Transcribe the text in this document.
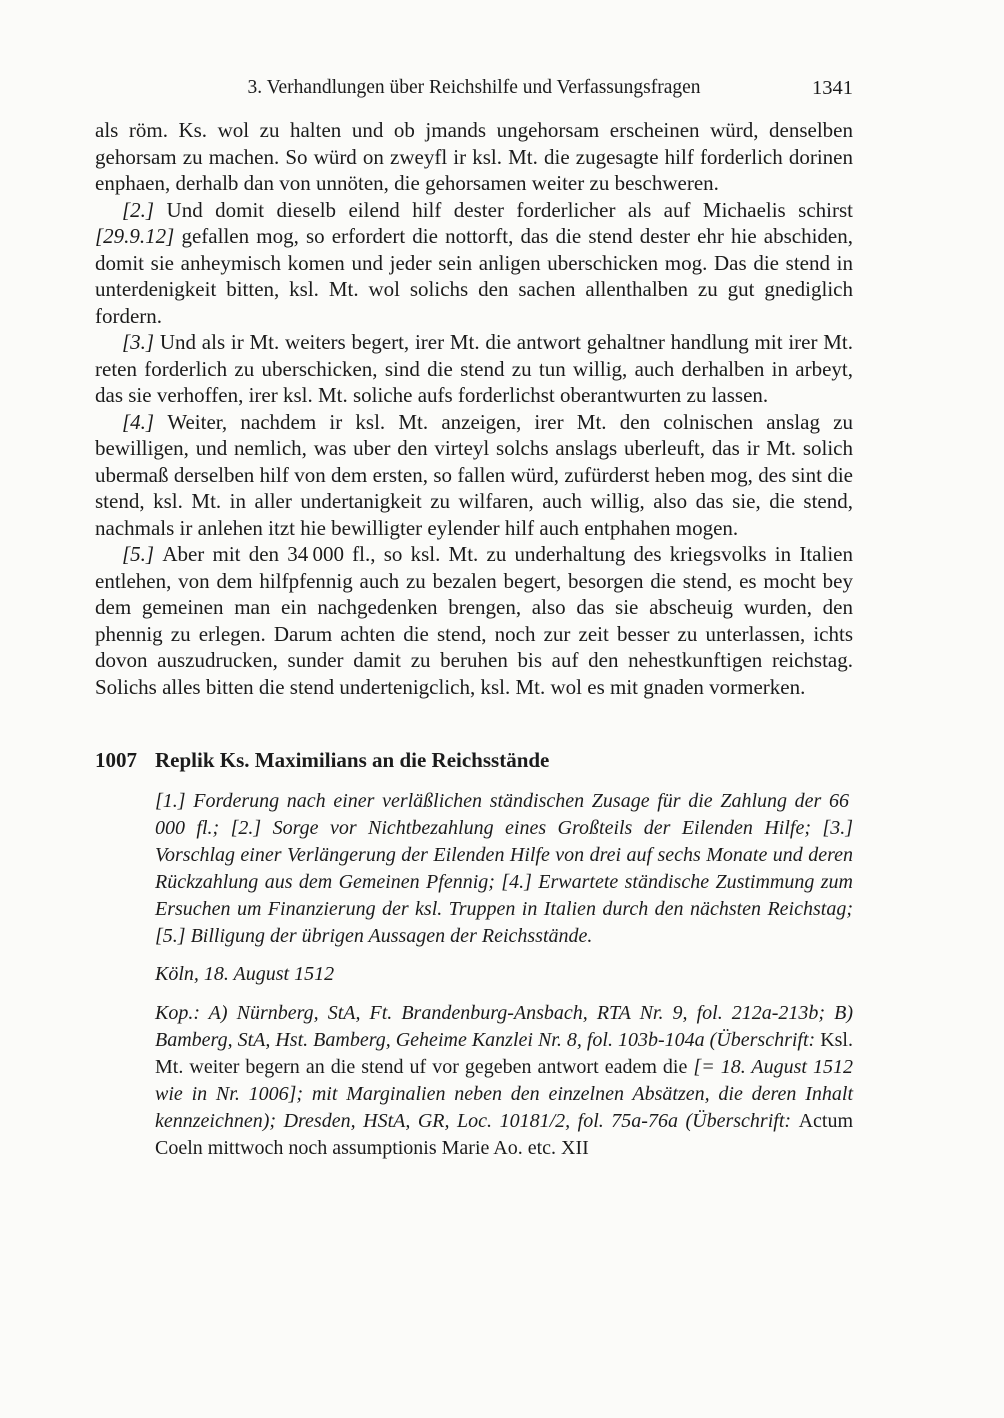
3. Verhandlungen über Reichshilfe und Verfassungsfragen	1341

als röm. Ks. wol zu halten und ob jmands ungehorsam erscheinen würd, denselben gehorsam zu machen. So würd on zweyfl ir ksl. Mt. die zugesagte hilf forderlich dorinen enphaen, derhalb dan von unnöten, die gehorsamen weiter zu beschweren.

[2.] Und domit dieselb eilend hilf dester forderlicher als auf Michaelis schirst [29.9.12] gefallen mog, so erfordert die nottorft, das die stend dester ehr hie abschiden, domit sie anheymisch komen und jeder sein anligen uberschicken mog. Das die stend in unterdenigkeit bitten, ksl. Mt. wol solichs den sachen allenthalben zu gut gnediglich fordern.

[3.] Und als ir Mt. weiters begert, irer Mt. die antwort gehaltner handlung mit irer Mt. reten forderlich zu uberschicken, sind die stend zu tun willig, auch derhalben in arbeyt, das sie verhoffen, irer ksl. Mt. soliche aufs forderlichst oberantwurten zu lassen.

[4.] Weiter, nachdem ir ksl. Mt. anzeigen, irer Mt. den colnischen anslag zu bewilligen, und nemlich, was uber den virteyl solchs anslags uberleuft, das ir Mt. solich ubermaß derselben hilf von dem ersten, so fallen würd, zufürderst heben mog, des sint die stend, ksl. Mt. in aller undertanigkeit zu wilfaren, auch willig, also das sie, die stend, nachmals ir anlehen itzt hie bewilligter eylender hilf auch entphahen mogen.

[5.] Aber mit den 34 000 fl., so ksl. Mt. zu underhaltung des kriegsvolks in Italien entlehen, von dem hilfpfennig auch zu bezalen begert, besorgen die stend, es mocht bey dem gemeinen man ein nachgedenken brengen, also das sie abscheuig wurden, den phennig zu erlegen. Darum achten die stend, noch zur zeit besser zu unterlassen, ichts dovon auszudrucken, sunder damit zu beruhen bis auf den nehestkunftigen reichstag. Solichs alles bitten die stend undertenigclich, ksl. Mt. wol es mit gnaden vormerken.

1007 Replik Ks. Maximilians an die Reichsstände

[1.] Forderung nach einer verläßlichen ständischen Zusage für die Zahlung der 66 000 fl.; [2.] Sorge vor Nichtbezahlung eines Großteils der Eilenden Hilfe; [3.] Vorschlag einer Verlängerung der Eilenden Hilfe von drei auf sechs Monate und deren Rückzahlung aus dem Gemeinen Pfennig; [4.] Erwartete ständische Zustimmung zum Ersuchen um Finanzierung der ksl. Truppen in Italien durch den nächsten Reichstag; [5.] Billigung der übrigen Aussagen der Reichsstände.

Köln, 18. August 1512

Kop.: A) Nürnberg, StA, Ft. Brandenburg-Ansbach, RTA Nr. 9, fol. 212a-213b; B) Bamberg, StA, Hst. Bamberg, Geheime Kanzlei Nr. 8, fol. 103b-104a (Überschrift: Ksl. Mt. weiter begern an die stend uf vor gegeben antwort eadem die [= 18. August 1512 wie in Nr. 1006]; mit Marginalien neben den einzelnen Absätzen, die deren Inhalt kennzeichnen); Dresden, HStA, GR, Loc. 10181/2, fol. 75a-76a (Überschrift: Actum Coeln mittwoch noch assumptionis Marie Ao. etc. XII
